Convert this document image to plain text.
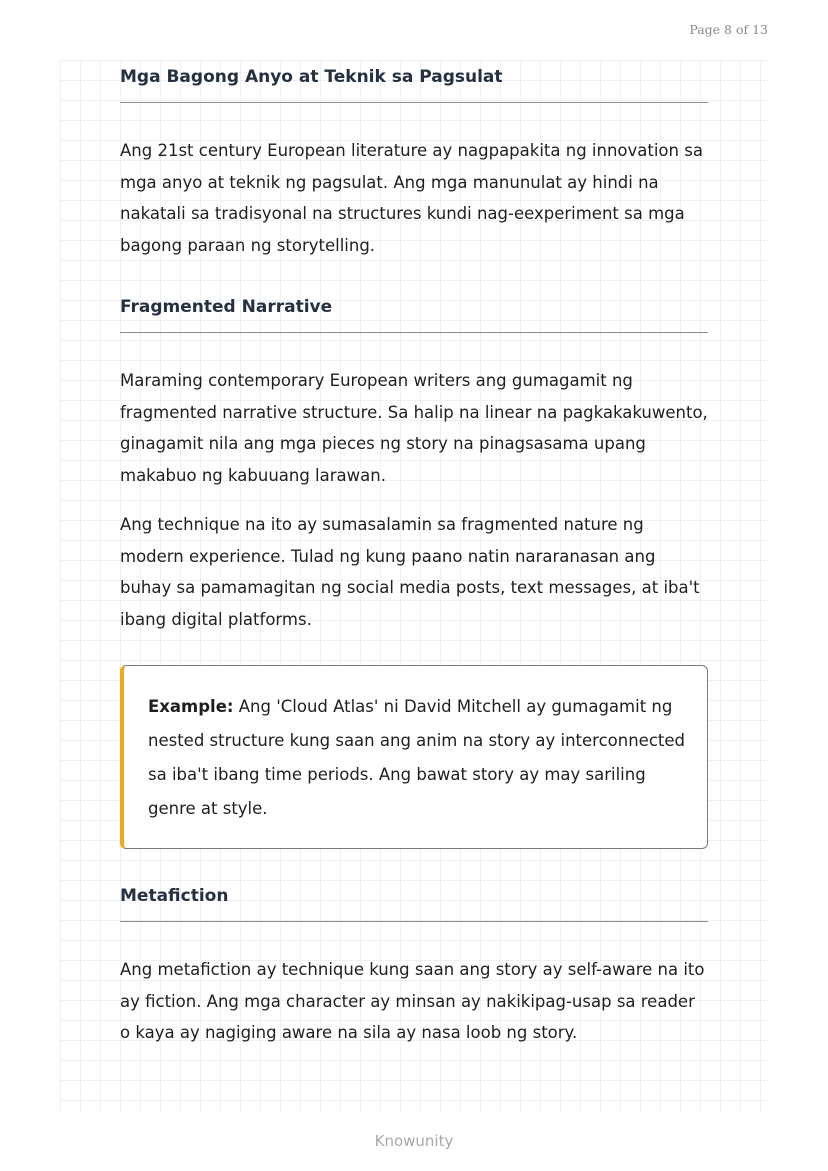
Page 8 of 13
Mga Bagong Anyo at Teknik sa Pagsulat

Ang 21st century European literature ay nagpapakita ng innovation sa mga anyo at teknik ng pagsulat. Ang mga manunulat ay hindi na nakatali sa tradisyonal na structures kundi nag-eexperiment sa mga bagong paraan ng storytelling.

Fragmented Narrative

Maraming contemporary European writers ang gumagamit ng fragmented narrative structure. Sa halip na linear na pagkakakuwento, ginagamit nila ang mga pieces ng story na pinagsasama upang makabuo ng kabuuang larawan.

Ang technique na ito ay sumasalamin sa fragmented nature ng modern experience. Tulad ng kung paano natin nararanasan ang buhay sa pamamagitan ng social media posts, text messages, at iba't ibang digital platforms.

Example: Ang 'Cloud Atlas' ni David Mitchell ay gumagamit ng nested structure kung saan ang anim na story ay interconnected sa iba't ibang time periods. Ang bawat story ay may sariling genre at style.

Metafiction

Ang metafiction ay technique kung saan ang story ay self-aware na ito ay fiction. Ang mga character ay minsan ay nakikipag-usap sa reader o kaya ay nagiging aware na sila ay nasa loob ng story.

Knowunity
